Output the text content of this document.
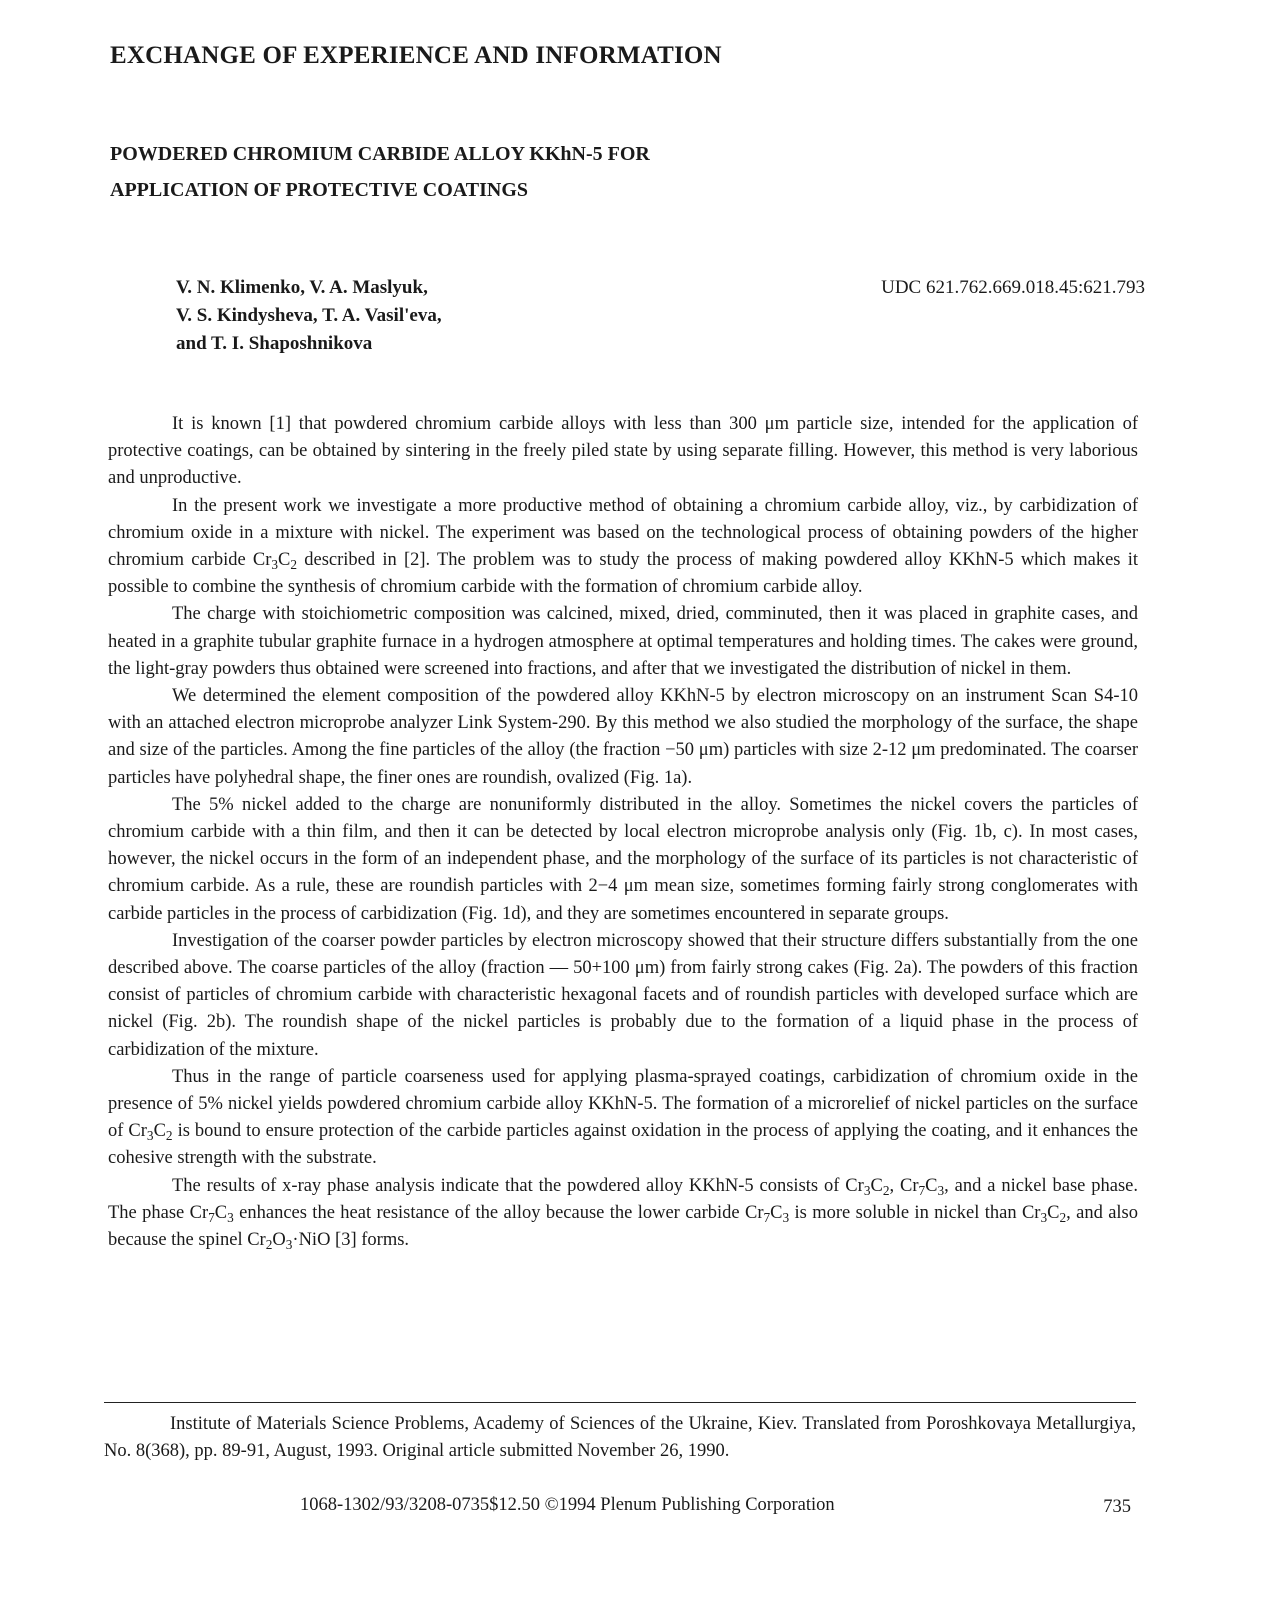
EXCHANGE OF EXPERIENCE AND INFORMATION
POWDERED CHROMIUM CARBIDE ALLOY KKhN-5 FOR
APPLICATION OF PROTECTIVE COATINGS
V. N. Klimenko, V. A. Maslyuk,
V. S. Kindysheva, T. A. Vasil'eva,
and T. I. Shaposhnikova
UDC 621.762.669.018.45:621.793

It is known [1] that powdered chromium carbide alloys with less than 300 μm particle size, intended for the application of protective coatings, can be obtained by sintering in the freely piled state by using separate filling. However, this method is very laborious and unproductive.

In the present work we investigate a more productive method of obtaining a chromium carbide alloy, viz., by carbidization of chromium oxide in a mixture with nickel. The experiment was based on the technological process of obtaining powders of the higher chromium carbide $Cr_3C_2$ described in [2]. The problem was to study the process of making powdered alloy KKhN-5 which makes it possible to combine the synthesis of chromium carbide with the formation of chromium carbide alloy.

The charge with stoichiometric composition was calcined, mixed, dried, comminuted, then it was placed in graphite cases, and heated in a graphite tubular graphite furnace in a hydrogen atmosphere at optimal temperatures and holding times. The cakes were ground, the light-gray powders thus obtained were screened into fractions, and after that we investigated the distribution of nickel in them.

We determined the element composition of the powdered alloy KKhN-5 by electron microscopy on an instrument Scan S4-10 with an attached electron microprobe analyzer Link System-290. By this method we also studied the morphology of the surface, the shape and size of the particles. Among the fine particles of the alloy (the fraction −50 μm) particles with size 2-12 μm predominated. The coarser particles have polyhedral shape, the finer ones are roundish, ovalized (Fig. 1a).

The 5% nickel added to the charge are nonuniformly distributed in the alloy. Sometimes the nickel covers the particles of chromium carbide with a thin film, and then it can be detected by local electron microprobe analysis only (Fig. 1b, c). In most cases, however, the nickel occurs in the form of an independent phase, and the morphology of the surface of its particles is not characteristic of chromium carbide. As a rule, these are roundish particles with 2−4 μm mean size, sometimes forming fairly strong conglomerates with carbide particles in the process of carbidization (Fig. 1d), and they are sometimes encountered in separate groups.

Investigation of the coarser powder particles by electron microscopy showed that their structure differs substantially from the one described above. The coarse particles of the alloy (fraction — 50+100 μm) from fairly strong cakes (Fig. 2a). The powders of this fraction consist of particles of chromium carbide with characteristic hexagonal facets and of roundish particles with developed surface which are nickel (Fig. 2b). The roundish shape of the nickel particles is probably due to the formation of a liquid phase in the process of carbidization of the mixture.

Thus in the range of particle coarseness used for applying plasma-sprayed coatings, carbidization of chromium oxide in the presence of 5% nickel yields powdered chromium carbide alloy KKhN-5. The formation of a microrelief of nickel particles on the surface of $Cr_3C_2$ is bound to ensure protection of the carbide particles against oxidation in the process of applying the coating, and it enhances the cohesive strength with the substrate.

The results of x-ray phase analysis indicate that the powdered alloy KKhN-5 consists of $Cr_3C_2$, $Cr_7C_3$, and a nickel base phase. The phase $Cr_7C_3$ enhances the heat resistance of the alloy because the lower carbide $Cr_7C_3$ is more soluble in nickel than $Cr_3C_2$, and also because the spinel $Cr_2O_3\cdot NiO$ [3] forms.

Institute of Materials Science Problems, Academy of Sciences of the Ukraine, Kiev. Translated from Poroshkovaya Metallurgiya, No. 8(368), pp. 89-91, August, 1993. Original article submitted November 26, 1990.

1068-1302/93/3208-0735$12.50 ©1994 Plenum Publishing Corporation	735
